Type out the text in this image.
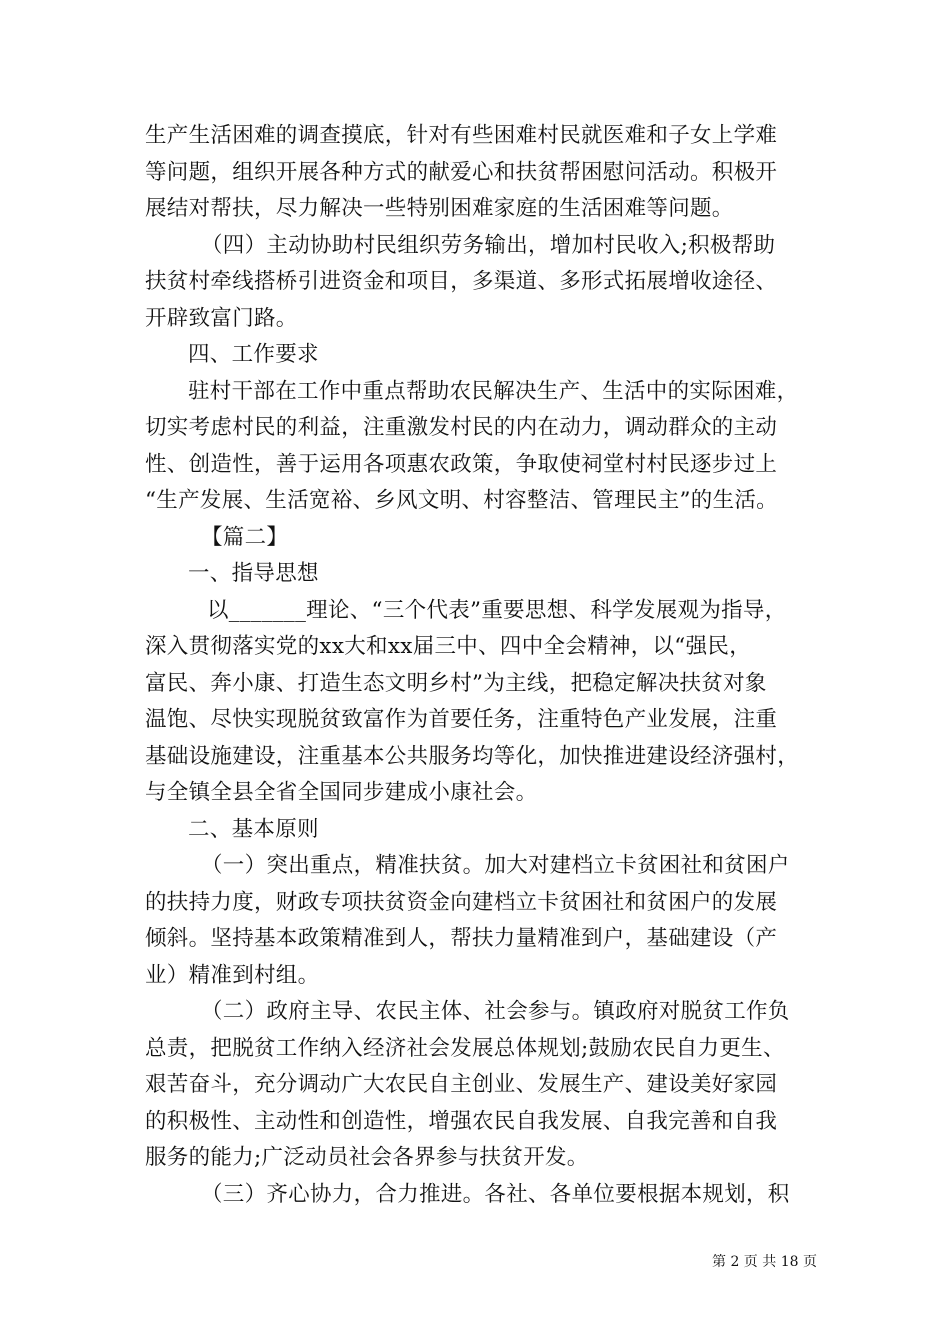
生产生活困难的调查摸底，针对有些困难村民就医难和子女上学难
等问题，组织开展各种方式的献爱心和扶贫帮困慰问活动。积极开
展结对帮扶，尽力解决一些特别困难家庭的生活困难等问题。
（四）主动协助村民组织劳务输出，增加村民收入;积极帮助
扶贫村牵线搭桥引进资金和项目，多渠道、多形式拓展增收途径、
开辟致富门路。
四、工作要求
驻村干部在工作中重点帮助农民解决生产、生活中的实际困难，
切实考虑村民的利益，注重激发村民的内在动力，调动群众的主动
性、创造性，善于运用各项惠农政策，争取使祠堂村村民逐步过上
“生产发展、生活宽裕、乡风文明、村容整洁、管理民主”的生活。
【篇二】
一、指导思想
以_______理论、“三个代表”重要思想、科学发展观为指导，
深入贯彻落实党的xx大和xx届三中、四中全会精神，以“强民，
富民、奔小康、打造生态文明乡村”为主线，把稳定解决扶贫对象
温饱、尽快实现脱贫致富作为首要任务，注重特色产业发展，注重
基础设施建设，注重基本公共服务均等化，加快推进建设经济强村，
与全镇全县全省全国同步建成小康社会。
二、基本原则
（一）突出重点，精准扶贫。加大对建档立卡贫困社和贫困户
的扶持力度，财政专项扶贫资金向建档立卡贫困社和贫困户的发展
倾斜。坚持基本政策精准到人，帮扶力量精准到户，基础建设（产
业）精准到村组。
（二）政府主导、农民主体、社会参与。镇政府对脱贫工作负
总责，把脱贫工作纳入经济社会发展总体规划;鼓励农民自力更生、
艰苦奋斗，充分调动广大农民自主创业、发展生产、建设美好家园
的积极性、主动性和创造性，增强农民自我发展、自我完善和自我
服务的能力;广泛动员社会各界参与扶贫开发。
（三）齐心协力，合力推进。各社、各单位要根据本规划，积
第 2 页 共 18 页
